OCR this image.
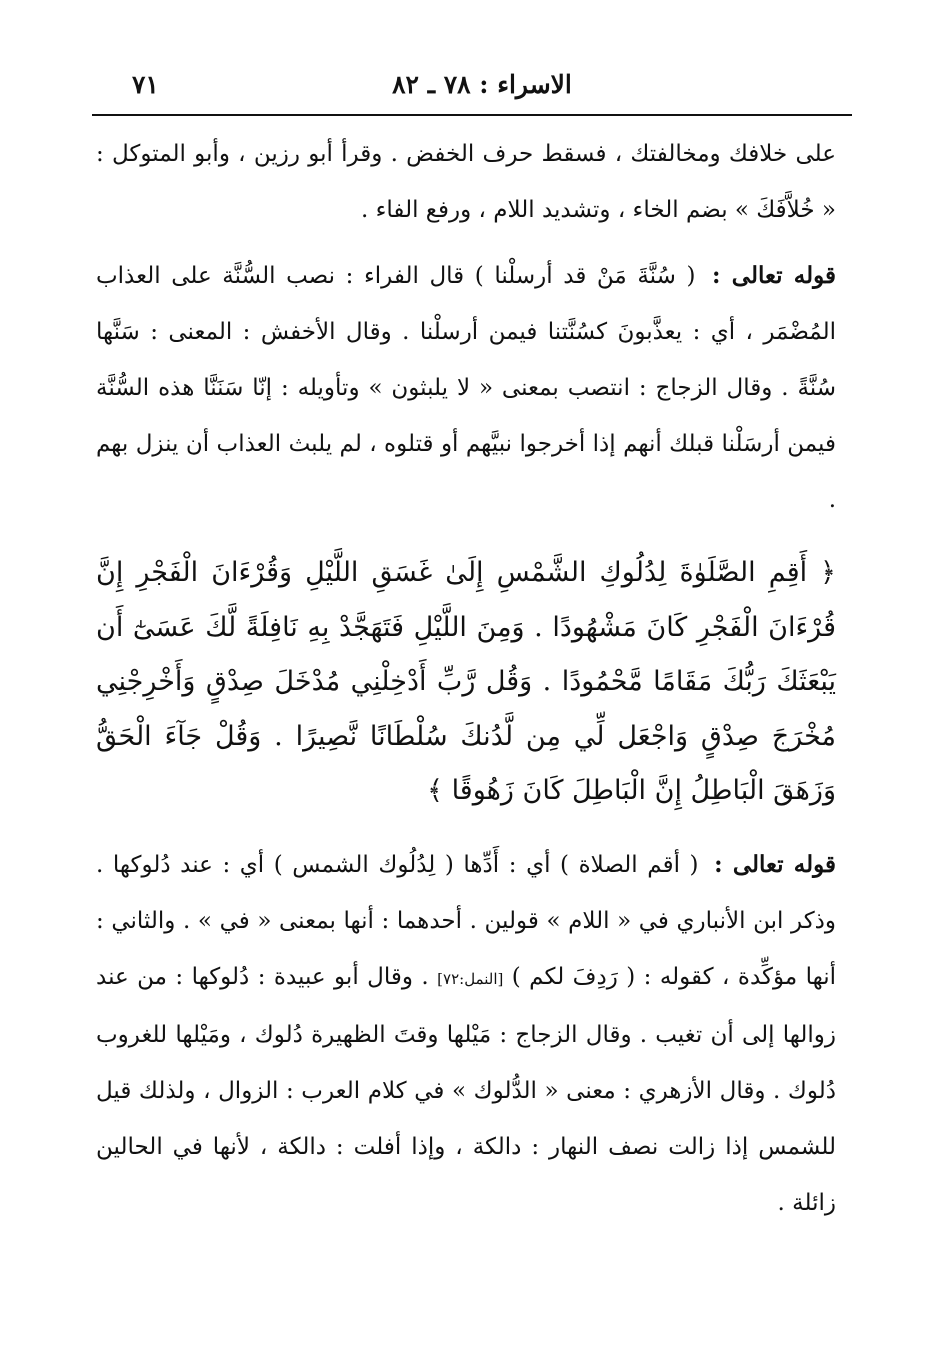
٧١	الاسراء : ٧٨ ـ ٨٢

على خلافك ومخالفتك ، فسقط حرف الخفض . وقرأ أبو رزين ، وأبو المتوكل : « خُلاَّفَكَ » بضم الخاء ، وتشديد اللام ، ورفع الفاء .

قوله تعالى : ( سُنَّةَ مَنْ قد أرسلْنا ) قال الفراء : نصب السُّنَّة على العذاب المُضْمَر ، أي : يعذَّبونَ كسُنَّتنا فيمن أرسلْنا . وقال الأخفش : المعنى : سَنَّها سُنَّةً . وقال الزجاج : انتصب بمعنى « لا يلبثون » وتأويله : إنّا سَنَنَّا هذه السُّنَّة فيمن أرسَلْنا قبلك أنهم إذا أخرجوا نبيَّهم أو قتلوه ، لم يلبث العذاب أن ينزل بهم .

﴿ أَقِمِ الصَّلَوٰةَ لِدُلُوكِ الشَّمْسِ إِلَىٰ غَسَقِ اللَّيْلِ وَقُرْءَانَ الْفَجْرِ إِنَّ قُرْءَانَ الْفَجْرِ كَانَ مَشْهُودًا . وَمِنَ اللَّيْلِ فَتَهَجَّدْ بِهِ نَافِلَةً لَّكَ عَسَىٰٓ أَن يَبْعَثَكَ رَبُّكَ مَقَامًا مَّحْمُودًا . وَقُل رَّبِّ أَدْخِلْنِي مُدْخَلَ صِدْقٍ وَأَخْرِجْنِي مُخْرَجَ صِدْقٍ وَاجْعَل لِّي مِن لَّدُنكَ سُلْطَانًا نَّصِيرًا . وَقُلْ جَآءَ الْحَقُّ وَزَهَقَ الْبَاطِلُ إِنَّ الْبَاطِلَ كَانَ زَهُوقًا ﴾

قوله تعالى : ( أقم الصلاة ) أي : أَدِّها ( لِدُلُوك الشمس ) أي : عند دُلوكها . وذكر ابن الأنباري في « اللام » قولين . أحدهما : أنها بمعنى « في » . والثاني : أنها مؤكِّدة ، كقوله : ( رَدِفَ لكم ) [النمل:٧٢] . وقال أبو عبيدة : دُلوكها : من عند زوالها إلى أن تغيب . وقال الزجاج : مَيْلها وقتَ الظهيرة دُلوك ، ومَيْلها للغروب دُلوك . وقال الأزهري : معنى « الدُّلوك » في كلام العرب : الزوال ، ولذلك قيل للشمس إذا زالت نصف النهار : دالكة ، وإذا أفلت : دالكة ، لأنها في الحالين زائلة .
